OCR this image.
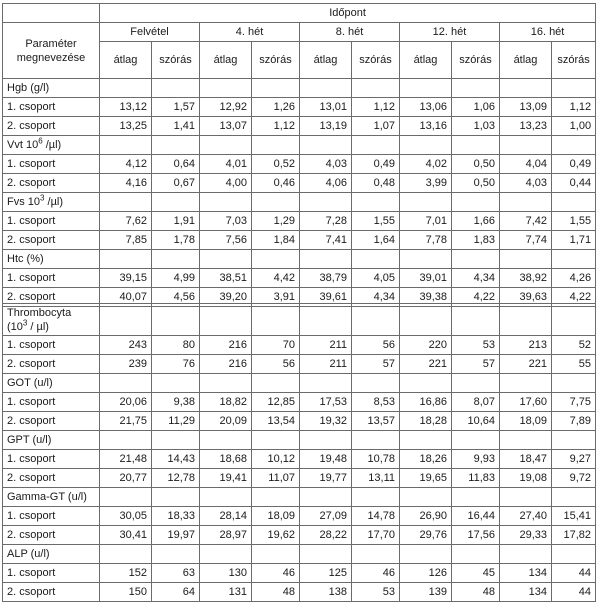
	Időpont									
Paraméter
megnevezése	Felvétel		4. hét		8. hét		12. hét		16. hét	
	átlag	szórás	átlag	szórás	átlag	szórás	átlag	szórás	átlag	szórás
Hgb (g/l)										
1. csoport	13,12	1,57	12,92	1,26	13,01	1,12	13,06	1,06	13,09	1,12
2. csoport	13,25	1,41	13,07	1,12	13,19	1,07	13,16	1,03	13,23	1,00
Vvt $10^6$ /µl)										
1. csoport	4,12	0,64	4,01	0,52	4,03	0,49	4,02	0,50	4,04	0,49
2. csoport	4,16	0,67	4,00	0,46	4,06	0,48	3,99	0,50	4,03	0,44
Fvs $10^3$ /µl)										
1. csoport	7,62	1,91	7,03	1,29	7,28	1,55	7,01	1,66	7,42	1,55
2. csoport	7,85	1,78	7,56	1,84	7,41	1,64	7,78	1,83	7,74	1,71
Htc (%)										
1. csoport	39,15	4,99	38,51	4,42	38,79	4,05	39,01	4,34	38,92	4,26
2. csoport	40,07	4,56	39,20	3,91	39,61	4,34	39,38	4,22	39,63	4,22
Thrombocyta
$(10^3 / \mu l)$										
1. csoport	243	80	216	70	211	56	220	53	213	52
2. csoport	239	76	216	56	211	57	221	57	221	55
GOT (u/l)										
1. csoport	20,06	9,38	18,82	12,85	17,53	8,53	16,86	8,07	17,60	7,75
2. csoport	21,75	11,29	20,09	13,54	19,32	13,57	18,28	10,64	18,09	7,89
GPT (u/l)										
1. csoport	21,48	14,43	18,68	10,12	19,48	10,78	18,26	9,93	18,47	9,27
2. csoport	20,77	12,78	19,41	11,07	19,77	13,11	19,65	11,83	19,08	9,72
Gamma-GT (u/l)										
1. csoport	30,05	18,33	28,14	18,09	27,09	14,78	26,90	16,44	27,40	15,41
2. csoport	30,41	19,97	28,97	19,62	28,22	17,70	29,76	17,56	29,33	17,82
ALP (u/l)										
1. csoport	152	63	130	46	125	46	126	45	134	44
2. csoport	150	64	131	48	138	53	139	48	134	44
